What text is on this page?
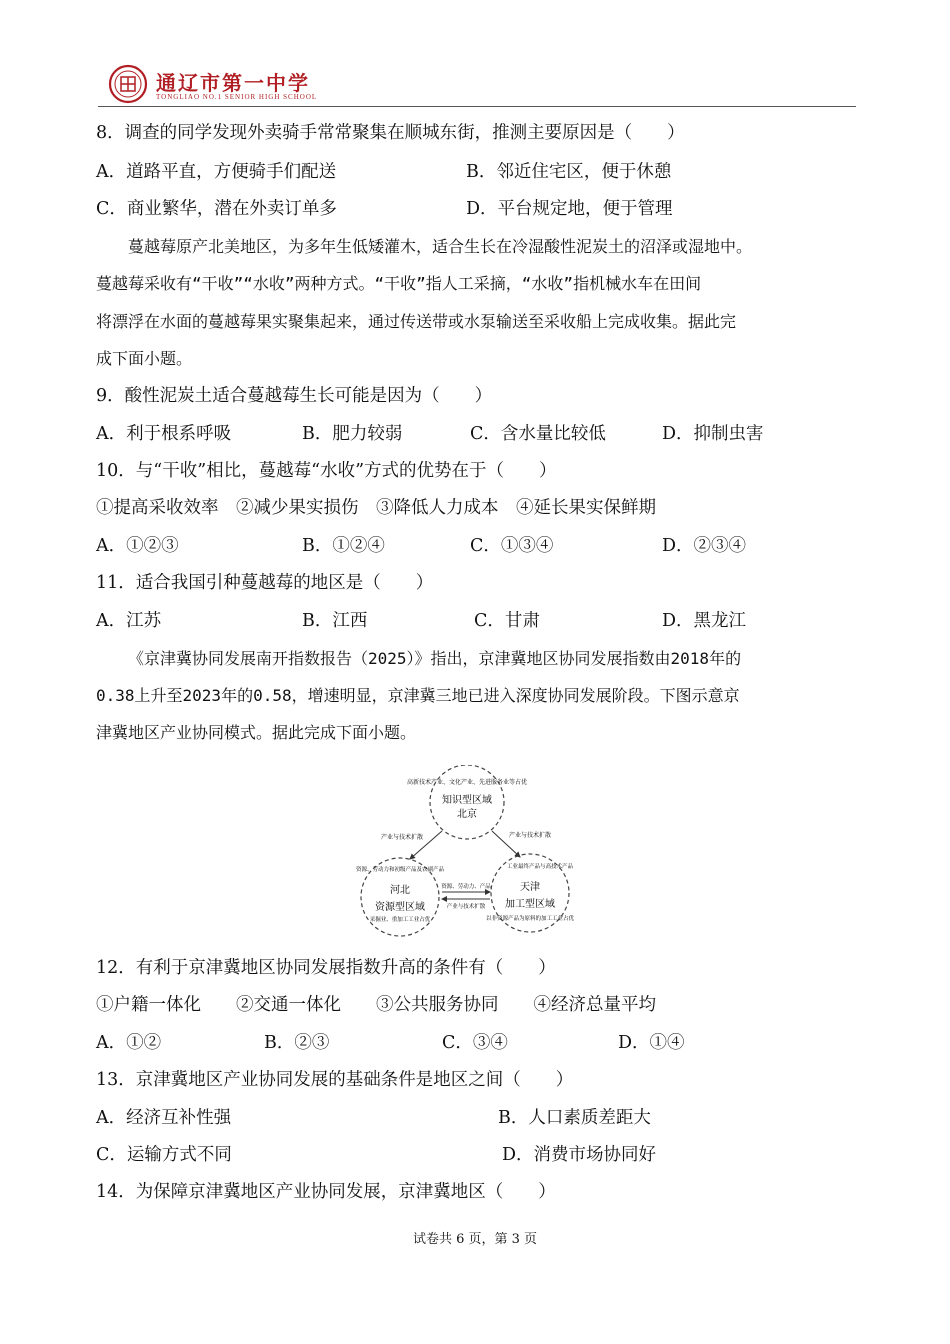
通辽市第一中学
TONGLIAO NO.1 SENIOR HIGH SCHOOL
8．调查的同学发现外卖骑手常常聚集在顺城东街，推测主要原因是（　　）
A．道路平直，方便骑手们配送	B．邻近住宅区，便于休憩
C．商业繁华，潜在外卖订单多	D．平台规定地，便于管理
蔓越莓原产北美地区，为多年生低矮灌木，适合生长在冷湿酸性泥炭土的沼泽或湿地中。
蔓越莓采收有“干收”“水收”两种方式。“干收”指人工采摘，“水收”指机械水车在田间
将漂浮在水面的蔓越莓果实聚集起来，通过传送带或水泵输送至采收船上完成收集。据此完
成下面小题。
9．酸性泥炭土适合蔓越莓生长可能是因为（　　）
A．利于根系呼吸	B．肥力较弱	C．含水量比较低	D．抑制虫害
10．与“干收”相比，蔓越莓“水收”方式的优势在于（　　）
①提高采收效率　②减少果实损伤　③降低人力成本　④延长果实保鲜期
A．①②③	B．①②④	C．①③④	D．②③④
11．适合我国引种蔓越莓的地区是（　　）
A．江苏	B．江西	C．甘肃	D．黑龙江
《京津冀协同发展南开指数报告（2025）》指出，京津冀地区协同发展指数由2018年的
0.38上升至2023年的0.58，增速明显，京津冀三地已进入深度协同发展阶段。下图示意京
津冀地区产业协同模式。据此完成下面小题。
高新技术产业、文化产业、先进服务业等占优
知识型区域
北京
产业与技术扩散	产业与技术扩散
资源、劳动力和初级产品及农副产品
河北
资源型区域
采掘业、重加工工业占优
资源、劳动力、产品
产业与技术扩散
工业最终产品与高技术产品
天津
加工型区域
以非资源产品为原料的加工工业占优
12．有利于京津冀地区协同发展指数升高的条件有（　　）
①户籍一体化　　②交通一体化　　③公共服务协同　　④经济总量平均
A．①②	B．②③	C．③④	D．①④
13．京津冀地区产业协同发展的基础条件是地区之间（　　）
A．经济互补性强	B．人口素质差距大
C．运输方式不同	D．消费市场协同好
14．为保障京津冀地区产业协同发展，京津冀地区（　　）
试卷共 6 页，第 3 页
